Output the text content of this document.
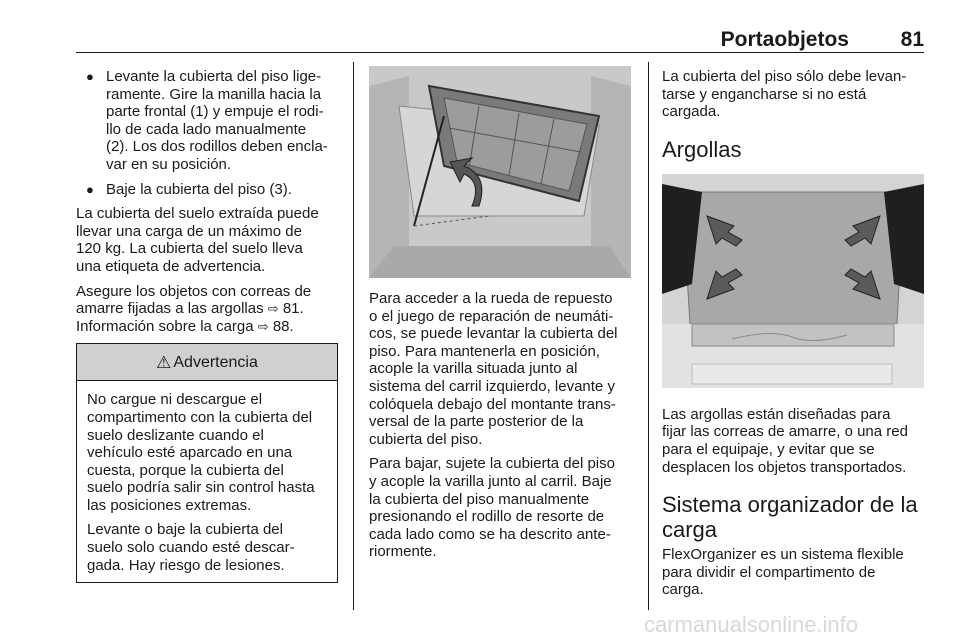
Portaobjetos 81
● Levante la cubierta del piso lige-
ramente. Gire la manilla hacia la
parte frontal (1) y empuje el rodi-
llo de cada lado manualmente
(2). Los dos rodillos deben encla-
var en su posición.
● Baje la cubierta del piso (3).

La cubierta del suelo extraída puede
llevar una carga de un máximo de
120 kg. La cubierta del suelo lleva
una etiqueta de advertencia.

Asegure los objetos con correas de
amarre fijadas a las argollas ⇨ 81.
Información sobre la carga ⇨ 88.

⚠ Advertencia

No cargue ni descargue el
compartimento con la cubierta del
suelo deslizante cuando el
vehículo esté aparcado en una
cuesta, porque la cubierta del
suelo podría salir sin control hasta
las posiciones extremas.

Levante o baje la cubierta del
suelo solo cuando esté descar-
gada. Hay riesgo de lesiones.

Para acceder a la rueda de repuesto
o el juego de reparación de neumáti-
cos, se puede levantar la cubierta del
piso. Para mantenerla en posición,
acople la varilla situada junto al
sistema del carril izquierdo, levante y
colóquela debajo del montante trans-
versal de la parte posterior de la
cubierta del piso.

Para bajar, sujete la cubierta del piso
y acople la varilla junto al carril. Baje
la cubierta del piso manualmente
presionando el rodillo de resorte de
cada lado como se ha descrito ante-
riormente.

La cubierta del piso sólo debe levan-
tarse y engancharse si no está
cargada.

Argollas

Las argollas están diseñadas para
fijar las correas de amarre, o una red
para el equipaje, y evitar que se
desplacen los objetos transportados.

Sistema organizador de la
carga

FlexOrganizer es un sistema flexible
para dividir el compartimento de
carga.

carmanualsonline.info
